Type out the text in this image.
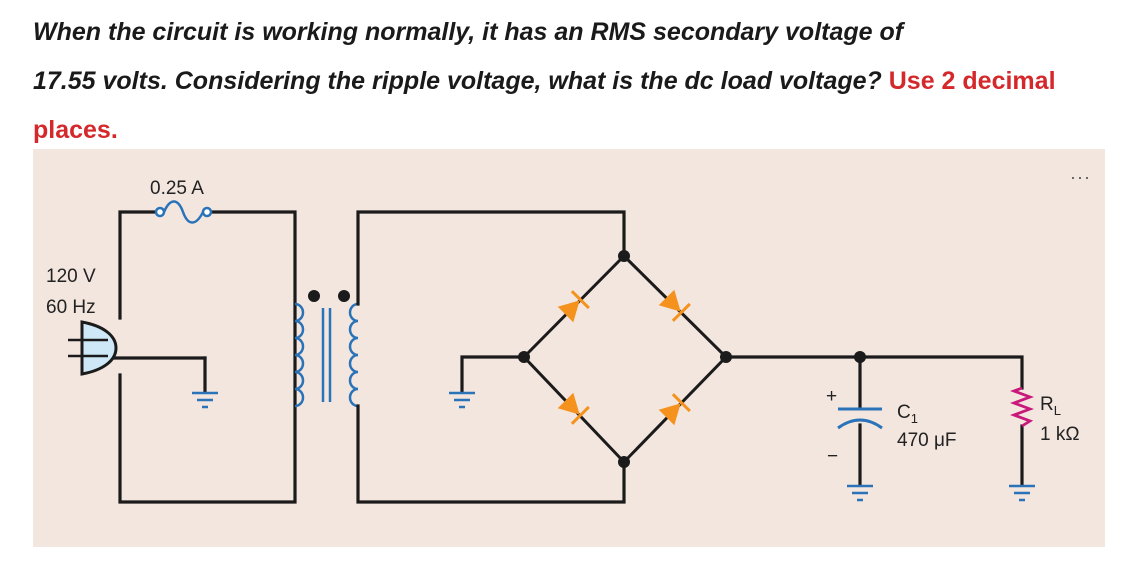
When the circuit is working normally, it has an RMS secondary voltage of
17.55 volts. Considering the ripple voltage, what is the dc load voltage? Use 2 decimal places.
···
0.25 A
120 V
60 Hz
+
−
$C_1$
470 μF
$R_L$
1 kΩ
